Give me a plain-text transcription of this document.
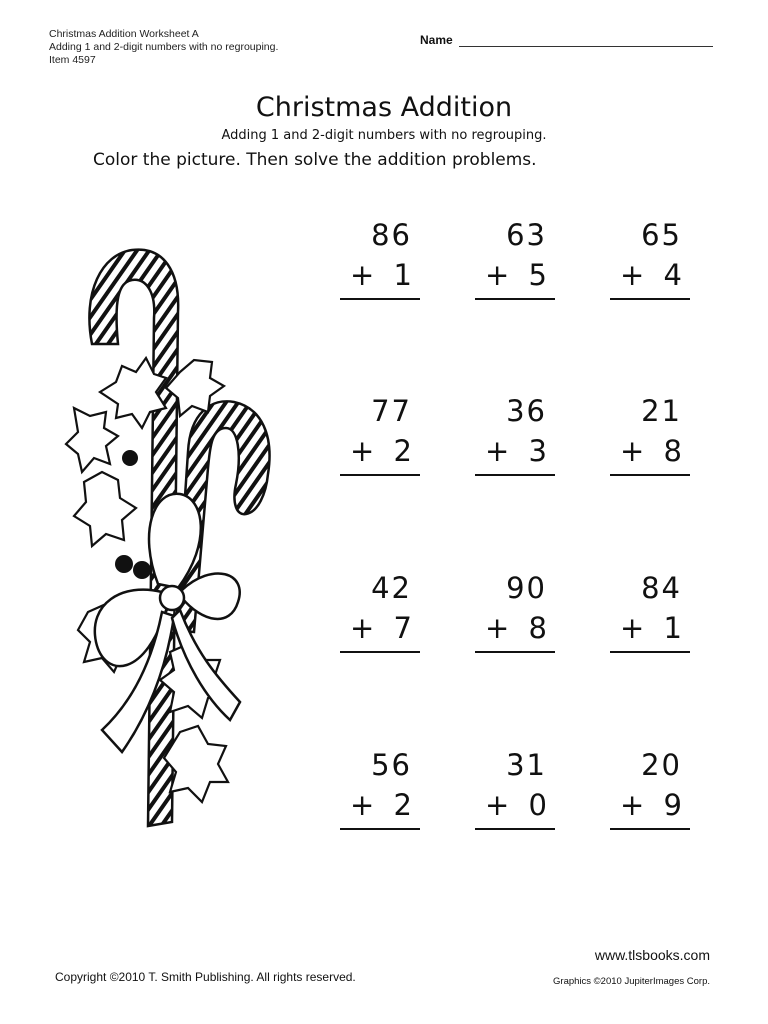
Christmas Addition Worksheet A
Adding 1 and 2-digit numbers with no regrouping.
Item 4597
Name
Christmas Addition
Adding 1 and 2-digit numbers with no regrouping.
Color the picture. Then solve the addition problems.
86
+ 1
63
+ 5
65
+ 4
77
+ 2
36
+ 3
21
+ 8
42
+ 7
90
+ 8
84
+ 1
56
+ 2
31
+ 0
20
+ 9
www.tlsbooks.com
Copyright ©2010 T. Smith Publishing. All rights reserved.	Graphics ©2010 JupiterImages Corp.
